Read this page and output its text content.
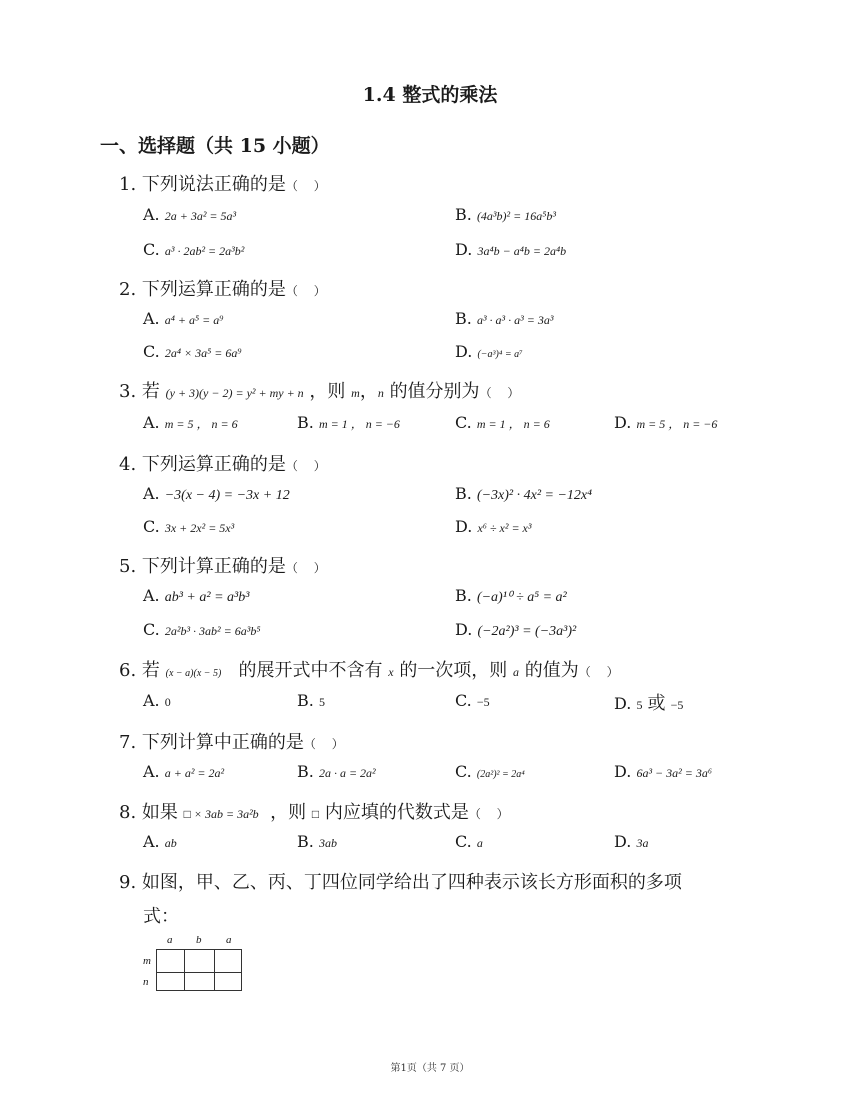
1.4 整式的乘法
一、选择题（共 15 小题）
1. 下列说法正确的是（ ）
A. 2a + 3a² = 5a³	B. (4a³b)² = 16a⁵b³
C. a³ · 2ab² = 2a³b²	D. 3a⁴b − a⁴b = 2a⁴b
2. 下列运算正确的是（ ）
A. a⁴ + a⁵ = a⁹	B. a³ · a³ · a³ = 3a³
C. 2a⁴ × 3a⁵ = 6a⁹	D. (−a³)⁴ = a⁷
3. 若 (y + 3)(y − 2) = y² + my + n ，则 m，n 的值分别为（ ）
A. m = 5 ， n = 6	B. m = 1 ， n = −6	C. m = 1 ， n = 6	D. m = 5 ， n = −6
4. 下列运算正确的是（ ）
A. −3(x − 4) = −3x + 12	B. (−3x)² · 4x² = −12x⁴
C. 3x + 2x² = 5x³	D. x⁶ ÷ x² = x³
5. 下列计算正确的是（ ）
A. ab³ + a² = a³b³	B. (−a)¹⁰ ÷ a⁵ = a²
C. 2a²b³ · 3ab² = 6a³b⁵	D. (−2a²)³ = (−3a³)²
6. 若 (x − a)(x − 5) 的展开式中不含有 x 的一次项，则 a 的值为（ ）
A. 0	B. 5	C. −5	D. 5 或 −5
7. 下列计算中正确的是（ ）
A. a + a² = 2a²	B. 2a · a = 2a²	C. (2a²)² = 2a⁴	D. 6a³ − 3a² = 3a⁶
8. 如果 □ × 3ab = 3a²b ，则 □ 内应填的代数式是（ ）
A. ab	B. 3ab	C. a	D. 3a
9. 如图，甲、乙、丙、丁四位同学给出了四种表示该长方形面积的多项
式：
a b a
m
n
第1页（共 7 页）
